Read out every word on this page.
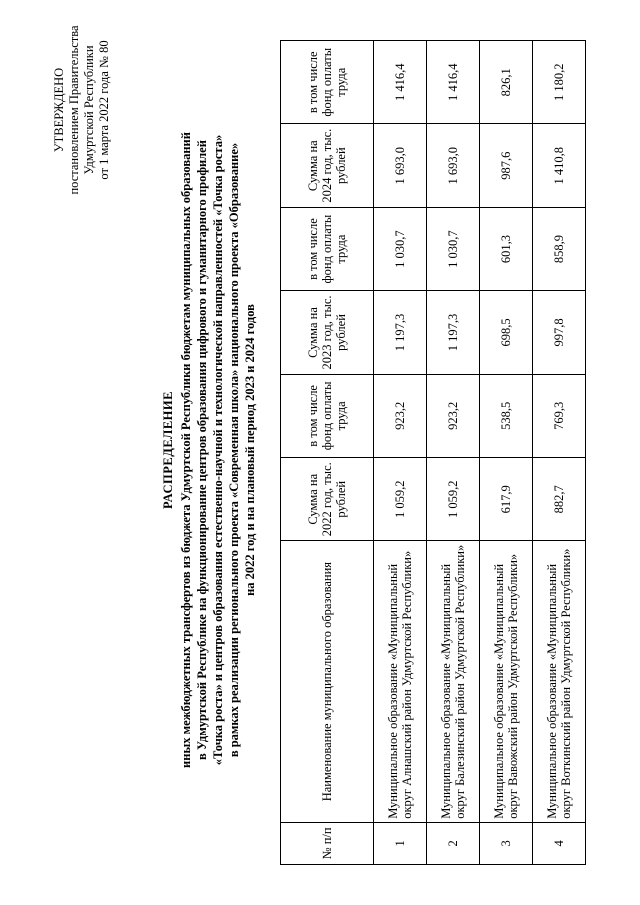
УТВЕРЖДЕНО постановлением Правительства Удмуртской Республики от 1 марта 2022 года № 80
РАСПРЕДЕЛЕНИЕ иных межбюджетных трансфертов из бюджета Удмуртской Республики бюджетам муниципальных образований в Удмуртской Республике на функционирование центров образования цифрового и гуманитарного профилей «Точка роста» и центров образования естественно-научной и технологической направленностей «Точка роста» в рамках реализации регионального проекта «Современная школа» национального проекта «Образование» на 2022 год и на плановый период 2023 и 2024 годов
№ п/п	Наименование муниципального образования	Сумма на 2022 год, тыс. рублей	в том числе фонд оплаты труда	Сумма на 2023 год, тыс. рублей	в том числе фонд оплаты труда	Сумма на 2024 год, тыс. рублей	в том числе фонд оплаты труда
1	Муниципальное образование «Муниципальный округ Алнашский район Удмуртской Республики»	1 059,2	923,2	1 197,3	1 030,7	1 693,0	1 416,4
2	Муниципальное образование «Муниципальный округ Балезинский район Удмуртской Республики»	1 059,2	923,2	1 197,3	1 030,7	1 693,0	1 416,4
3	Муниципальное образование «Муниципальный округ Вавожский район Удмуртской Республики»	617,9	538,5	698,5	601,3	987,6	826,1
4	Муниципальное образование «Муниципальный округ Воткинский район Удмуртской Республики»	882,7	769,3	997,8	858,9	1 410,8	1 180,2
